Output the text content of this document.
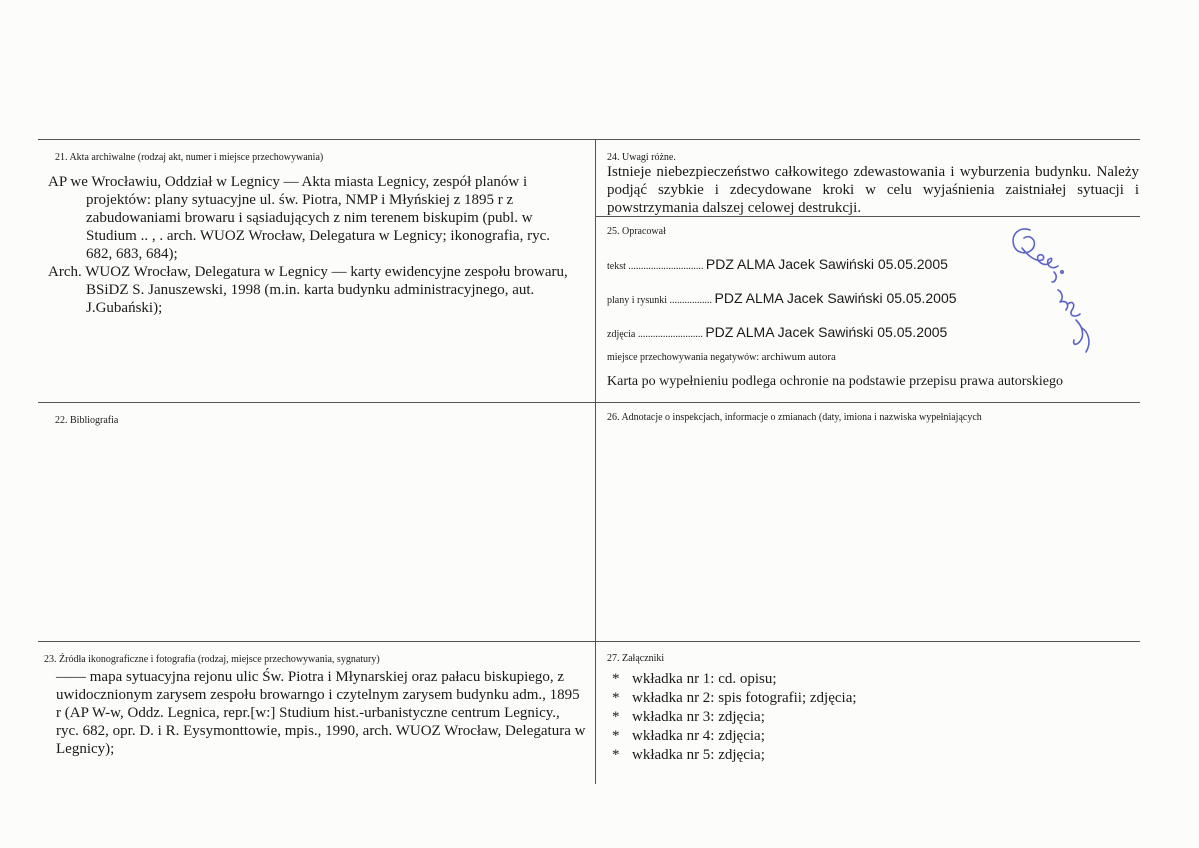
21. Akta archiwalne (rodzaj akt, numer i miejsce przechowywania)

AP we Wrocławiu, Oddział w Legnicy — Akta miasta Legnicy, zespół planów i projektów: plany sytuacyjne ul. św. Piotra, NMP i Młyńskiej z 1895 r z zabudowaniami browaru i sąsiadujących z nim terenem biskupim (publ. w Studium .. , . arch. WUOZ Wrocław, Delegatura w Legnicy; ikonografia, ryc. 682, 683, 684);

Arch. WUOZ Wrocław, Delegatura w Legnicy — karty ewidencyjne zespołu browaru, BSiDZ S. Januszewski, 1998 (m.in. karta budynku administracyjnego, aut. J.Gubański);

22. Bibliografia
23. Źródła ikonograficzne i fotografia (rodzaj, miejsce przechowywania, sygnatury)

—— mapa sytuacyjna rejonu ulic Św. Piotra i Młynarskiej oraz pałacu biskupiego, z uwidocznionym zarysem zespołu browarngo i czytelnym zarysem budynku adm., 1895 r (AP W-w, Oddz. Legnica, repr.[w:] Studium hist.-urbanistyczne centrum Legnicy., ryc. 682, opr. D. i R. Eysymonttowie, mpis., 1990, arch. WUOZ Wrocław, Delegatura w Legnicy);

24. Uwagi różne.
Istnieje niebezpieczeństwo całkowitego zdewastowania i wyburzenia budynku. Należy podjąć szybkie i zdecydowane kroki w celu wyjaśnienia zaistniałej sytuacji i powstrzymania dalszej celowej destrukcji.
25. Opracował
tekst .............................. PDZ ALMA Jacek Sawiński 05.05.2005
plany i rysunki ................. PDZ ALMA Jacek Sawiński 05.05.2005
zdjęcia .......................... PDZ ALMA Jacek Sawiński 05.05.2005
miejsce przechowywania negatywów: archiwum autora
Karta po wypełnieniu podlega ochronie na podstawie przepisu prawa autorskiego
26. Adnotacje o inspekcjach, informacje o zmianach (daty, imiona i nazwiska wypełniających
27. Załączniki
* wkładka nr 1: cd. opisu;
* wkładka nr 2: spis fotografii; zdjęcia;
* wkładka nr 3: zdjęcia;
* wkładka nr 4: zdjęcia;
* wkładka nr 5: zdjęcia;
